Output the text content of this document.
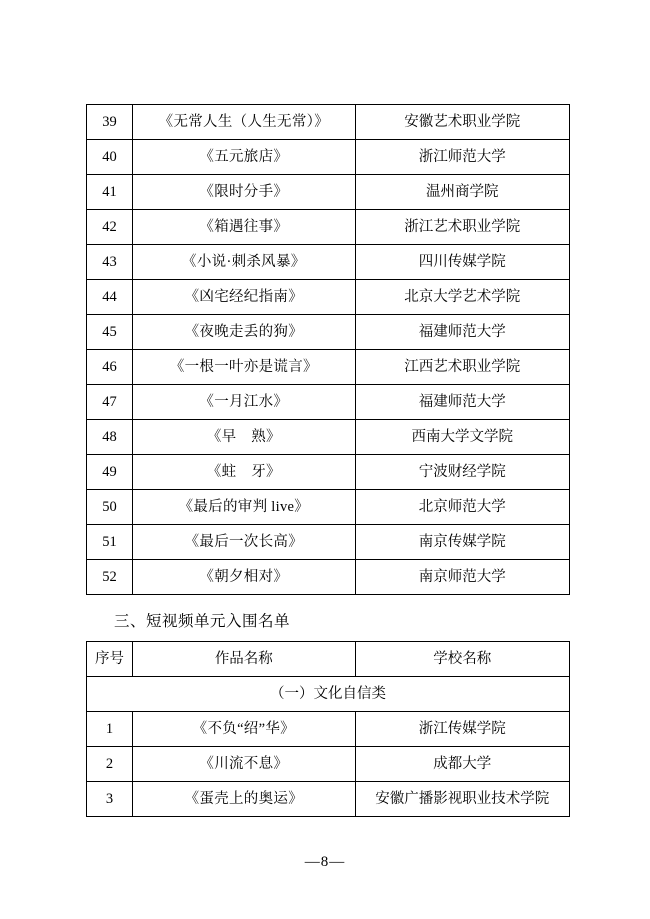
39	《无常人生（人生无常）》	安徽艺术职业学院
40	《五元旅店》	浙江师范大学
41	《限时分手》	温州商学院
42	《箱遇往事》	浙江艺术职业学院
43	《小说·刺杀风暴》	四川传媒学院
44	《凶宅经纪指南》	北京大学艺术学院
45	《夜晚走丢的狗》	福建师范大学
46	《一根一叶亦是谎言》	江西艺术职业学院
47	《一月江水》	福建师范大学
48	《早　熟》	西南大学文学院
49	《蛀　牙》	宁波财经学院
50	《最后的审判 live》	北京师范大学
51	《最后一次长高》	南京传媒学院
52	《朝夕相对》	南京师范大学
三、短视频单元入围名单
序号	作品名称	学校名称
（一）文化自信类		
1	《不负“绍”华》	浙江传媒学院
2	《川流不息》	成都大学
3	《蛋壳上的奥运》	安徽广播影视职业技术学院
—8—
